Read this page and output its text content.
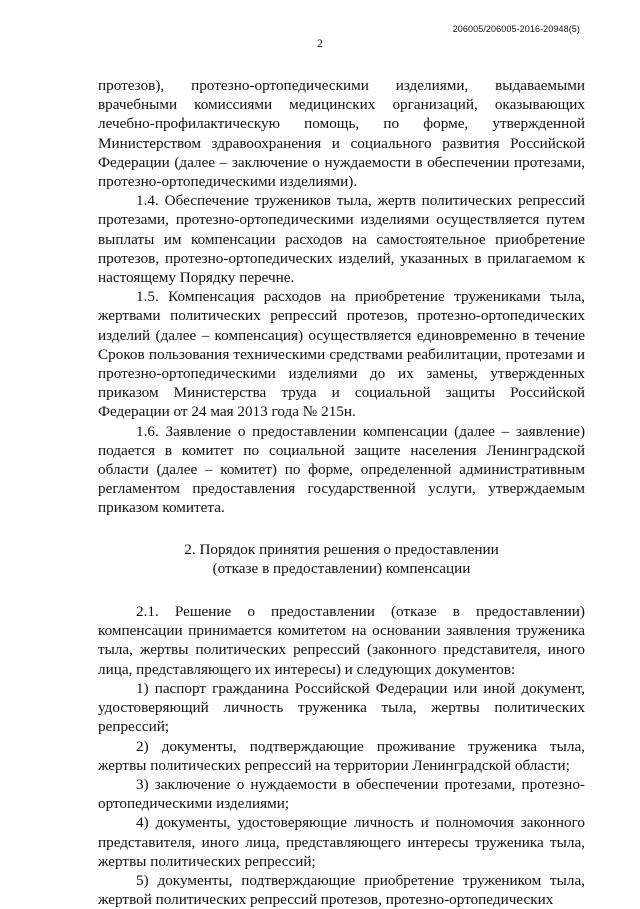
206005/206005-2016-20948(5)
2

протезов), протезно-ортопедическими изделиями, выдаваемыми врачебными комиссиями медицинских организаций, оказывающих лечебно-профилактическую помощь, по форме, утвержденной Министерством здравоохранения и социального развития Российской Федерации (далее – заключение о нуждаемости в обеспечении протезами, протезно-ортопедическими изделиями).

1.4. Обеспечение тружеников тыла, жертв политических репрессий протезами, протезно-ортопедическими изделиями осуществляется путем выплаты им компенсации расходов на самостоятельное приобретение протезов, протезно-ортопедических изделий, указанных в прилагаемом к настоящему Порядку перечне.

1.5. Компенсация расходов на приобретение тружениками тыла, жертвами политических репрессий протезов, протезно-ортопедических изделий (далее – компенсация) осуществляется единовременно в течение Сроков пользования техническими средствами реабилитации, протезами и протезно-ортопедическими изделиями до их замены, утвержденных приказом Министерства труда и социальной защиты Российской Федерации от 24 мая 2013 года № 215н.

1.6. Заявление о предоставлении компенсации (далее – заявление) подается в комитет по социальной защите населения Ленинградской области (далее – комитет) по форме, определенной административным регламентом предоставления государственной услуги, утверждаемым приказом комитета.

2. Порядок принятия решения о предоставлении
(отказе в предоставлении) компенсации

2.1. Решение о предоставлении (отказе в предоставлении) компенсации принимается комитетом на основании заявления труженика тыла, жертвы политических репрессий (законного представителя, иного лица, представляющего их интересы) и следующих документов:

1) паспорт гражданина Российской Федерации или иной документ, удостоверяющий личность труженика тыла, жертвы политических репрессий;

2) документы, подтверждающие проживание труженика тыла, жертвы политических репрессий на территории Ленинградской области;

3) заключение о нуждаемости в обеспечении протезами, протезно-ортопедическими изделиями;

4) документы, удостоверяющие личность и полномочия законного представителя, иного лица, представляющего интересы труженика тыла, жертвы политических репрессий;

5) документы, подтверждающие приобретение тружеником тыла, жертвой политических репрессий протезов, протезно-ортопедических
